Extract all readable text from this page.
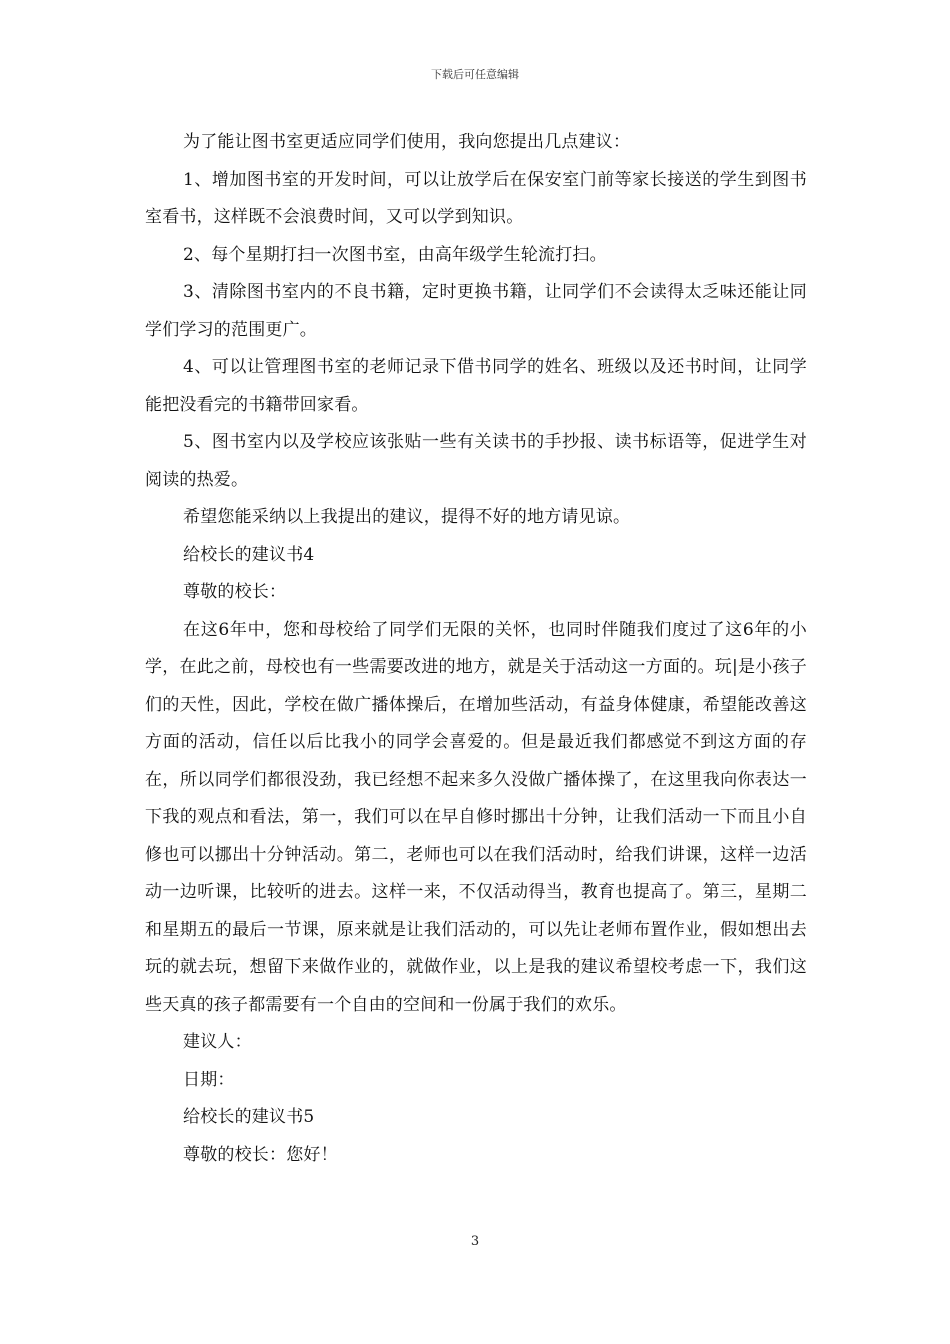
下载后可任意编辑

为了能让图书室更适应同学们使用，我向您提出几点建议：

1、增加图书室的开发时间，可以让放学后在保安室门前等家长接送的学生到图书室看书，这样既不会浪费时间，又可以学到知识。

2、每个星期打扫一次图书室，由高年级学生轮流打扫。

3、清除图书室内的不良书籍，定时更换书籍，让同学们不会读得太乏味还能让同学们学习的范围更广。

4、可以让管理图书室的老师记录下借书同学的姓名、班级以及还书时间，让同学能把没看完的书籍带回家看。

5、图书室内以及学校应该张贴一些有关读书的手抄报、读书标语等，促进学生对阅读的热爱。

希望您能采纳以上我提出的建议，提得不好的地方请见谅。

给校长的建议书4

尊敬的校长：

在这6年中，您和母校给了同学们无限的关怀，也同时伴随我们度过了这6年的小学，在此之前，母校也有一些需要改进的地方，就是关于活动这一方面的。玩|是小孩子们的天性，因此，学校在做广播体操后，在增加些活动，有益身体健康，希望能改善这方面的活动，信任以后比我小的同学会喜爱的。但是最近我们都感觉不到这方面的存在，所以同学们都很没劲，我已经想不起来多久没做广播体操了，在这里我向你表达一下我的观点和看法，第一，我们可以在早自修时挪出十分钟，让我们活动一下而且小自修也可以挪出十分钟活动。第二，老师也可以在我们活动时，给我们讲课，这样一边活动一边听课，比较听的进去。这样一来，不仅活动得当，教育也提高了。第三，星期二和星期五的最后一节课，原来就是让我们活动的，可以先让老师布置作业，假如想出去玩的就去玩，想留下来做作业的，就做作业，以上是我的建议希望校考虑一下，我们这些天真的孩子都需要有一个自由的空间和一份属于我们的欢乐。

建议人：

日期：

给校长的建议书5

尊敬的校长：您好！

3
